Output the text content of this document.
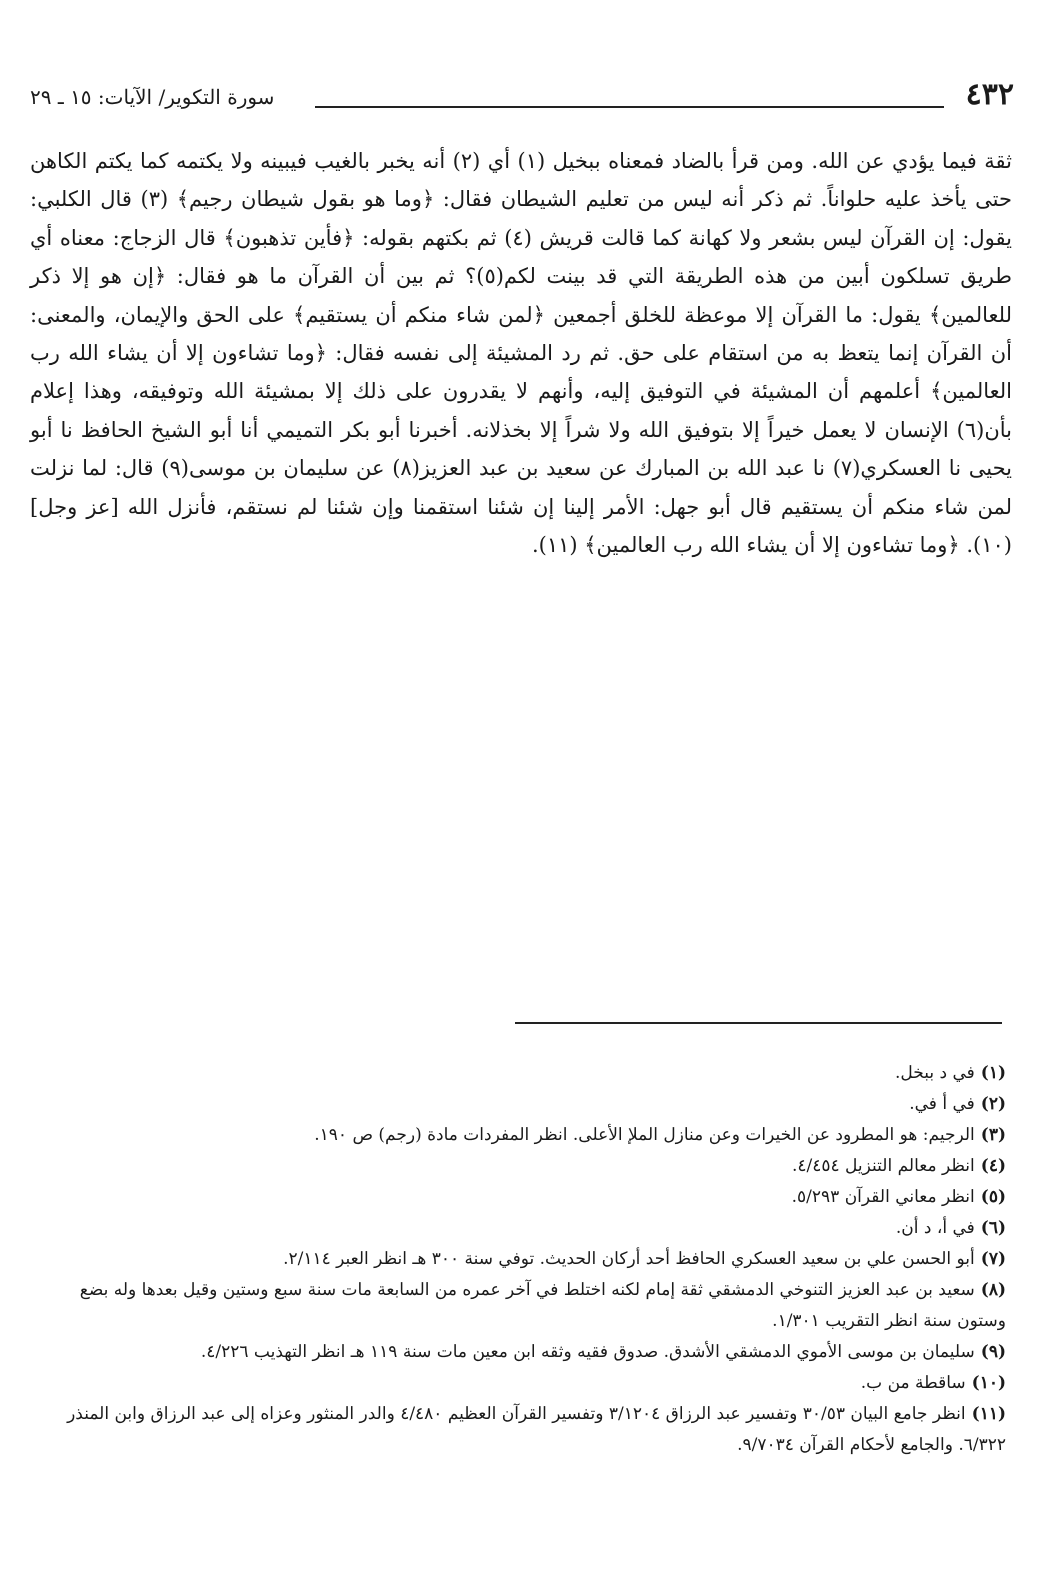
٤٣٢
سورة التكوير/ الآيات: ١٥ ـ ٢٩

ثقة فيما يؤدي عن الله. ومن قرأ بالضاد فمعناه ببخيل (١) أي (٢) أنه يخبر بالغيب فيبينه ولا يكتمه كما يكتم الكاهن حتى يأخذ عليه حلواناً. ثم ذكر أنه ليس من تعليم الشيطان فقال: ﴿وما هو بقول شيطان رجيم﴾ (٣) قال الكلبي: يقول: إن القرآن ليس بشعر ولا كهانة كما قالت قريش (٤) ثم بكتهم بقوله: ﴿فأين تذهبون﴾ قال الزجاج: معناه أي طريق تسلكون أبين من هذه الطريقة التي قد بينت لكم(٥)؟ ثم بين أن القرآن ما هو فقال: ﴿إن هو إلا ذكر للعالمين﴾ يقول: ما القرآن إلا موعظة للخلق أجمعين ﴿لمن شاء منكم أن يستقيم﴾ على الحق والإيمان، والمعنى: أن القرآن إنما يتعظ به من استقام على حق. ثم رد المشيئة إلى نفسه فقال: ﴿وما تشاءون إلا أن يشاء الله رب العالمين﴾ أعلمهم أن المشيئة في التوفيق إليه، وأنهم لا يقدرون على ذلك إلا بمشيئة الله وتوفيقه، وهذا إعلام بأن(٦) الإنسان لا يعمل خيراً إلا بتوفيق الله ولا شراً إلا بخذلانه. أخبرنا أبو بكر التميمي أنا أبو الشيخ الحافظ نا أبو يحيى نا العسكري(٧) نا عبد الله بن المبارك عن سعيد بن عبد العزيز(٨) عن سليمان بن موسى(٩) قال: لما نزلت لمن شاء منكم أن يستقيم قال أبو جهل: الأمر إلينا إن شئنا استقمنا وإن شئنا لم نستقم، فأنزل الله [عز وجل] (١٠). ﴿وما تشاءون إلا أن يشاء الله رب العالمين﴾ (١١).

(١)في د ببخل.

(٢)في أ في.

(٣)الرجيم: هو المطرود عن الخيرات وعن منازل الملإ الأعلى. انظر المفردات مادة (رجم) ص ١٩٠.

(٤)انظر معالم التنزيل ٤/٤٥٤.

(٥)انظر معاني القرآن ٥/٢٩٣.

(٦)في أ، د أن.

(٧)أبو الحسن علي بن سعيد العسكري الحافظ أحد أركان الحديث. توفي سنة ٣٠٠ هـ انظر العبر ٢/١١٤.

(٨)سعيد بن عبد العزيز التنوخي الدمشقي ثقة إمام لكنه اختلط في آخر عمره من السابعة مات سنة سبع وستين وقيل بعدها وله بضع وستون سنة انظر التقريب ١/٣٠١.

(٩)سليمان بن موسى الأموي الدمشقي الأشدق. صدوق فقيه وثقه ابن معين مات سنة ١١٩ هـ انظر التهذيب ٤/٢٢٦.

(١٠)ساقطة من ب.

(١١)انظر جامع البيان ٣٠/٥٣ وتفسير عبد الرزاق ٣/١٢٠٤ وتفسير القرآن العظيم ٤/٤٨٠ والدر المنثور وعزاه إلى عبد الرزاق وابن المنذر ٦/٣٢٢. والجامع لأحكام القرآن ٩/٧٠٣٤.
